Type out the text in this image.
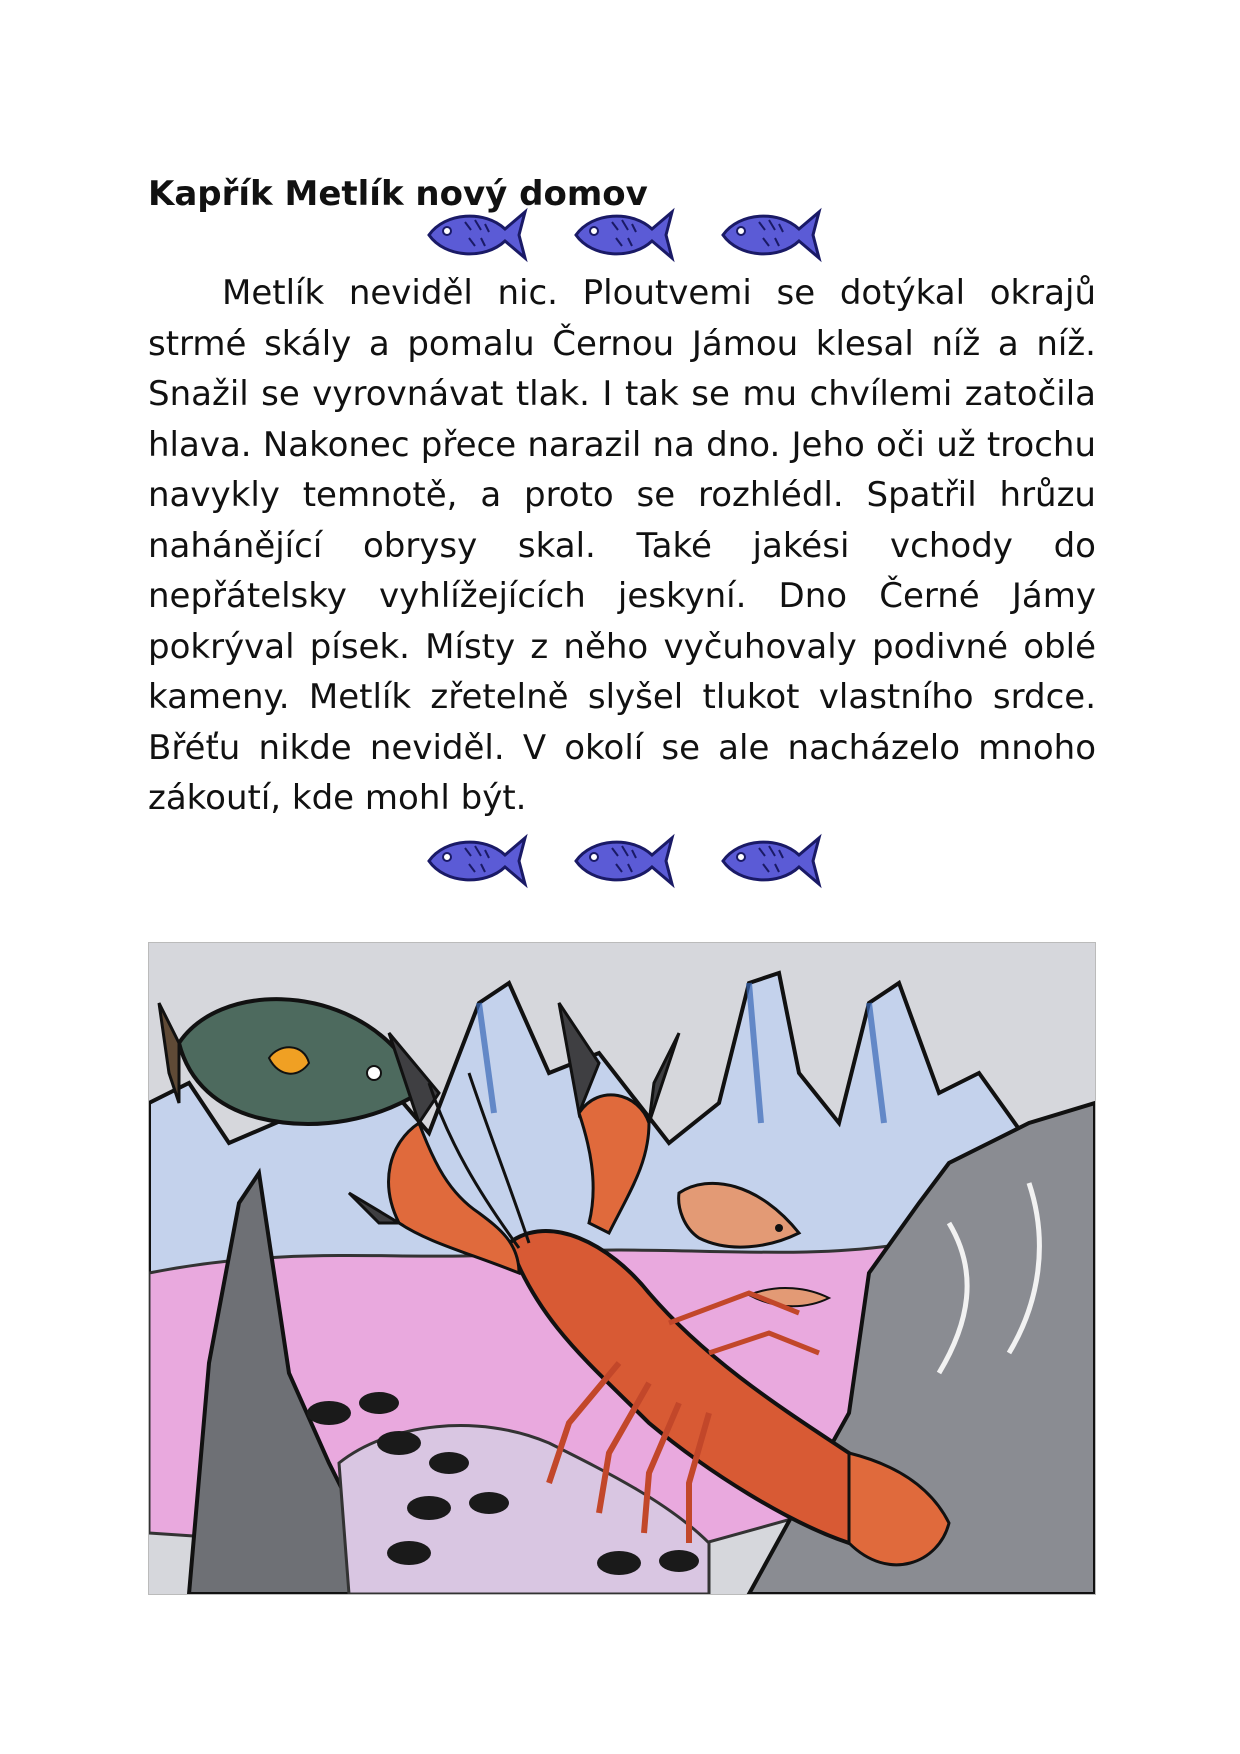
Kapřík Metlík nový domov

Metlík neviděl nic. Ploutvemi se dotýkal okrajů strmé skály a pomalu Černou Jámou klesal níž a níž. Snažil se vyrovnávat tlak. I tak se mu chvílemi zatočila hlava. Nakonec přece narazil na dno. Jeho oči už trochu navykly temnotě, a proto se rozhlédl. Spatřil hrůzu nahánějící obrysy skal. Také jakési vchody do nepřátelsky vyhlížejících jeskyní. Dno Černé Jámy pokrýval písek. Místy z něho vyčuhovaly podivné oblé kameny. Metlík zřetelně slyšel tlukot vlastního srdce. Břéťu nikde neviděl. V okolí se ale nacházelo mnoho zákoutí, kde mohl být.
